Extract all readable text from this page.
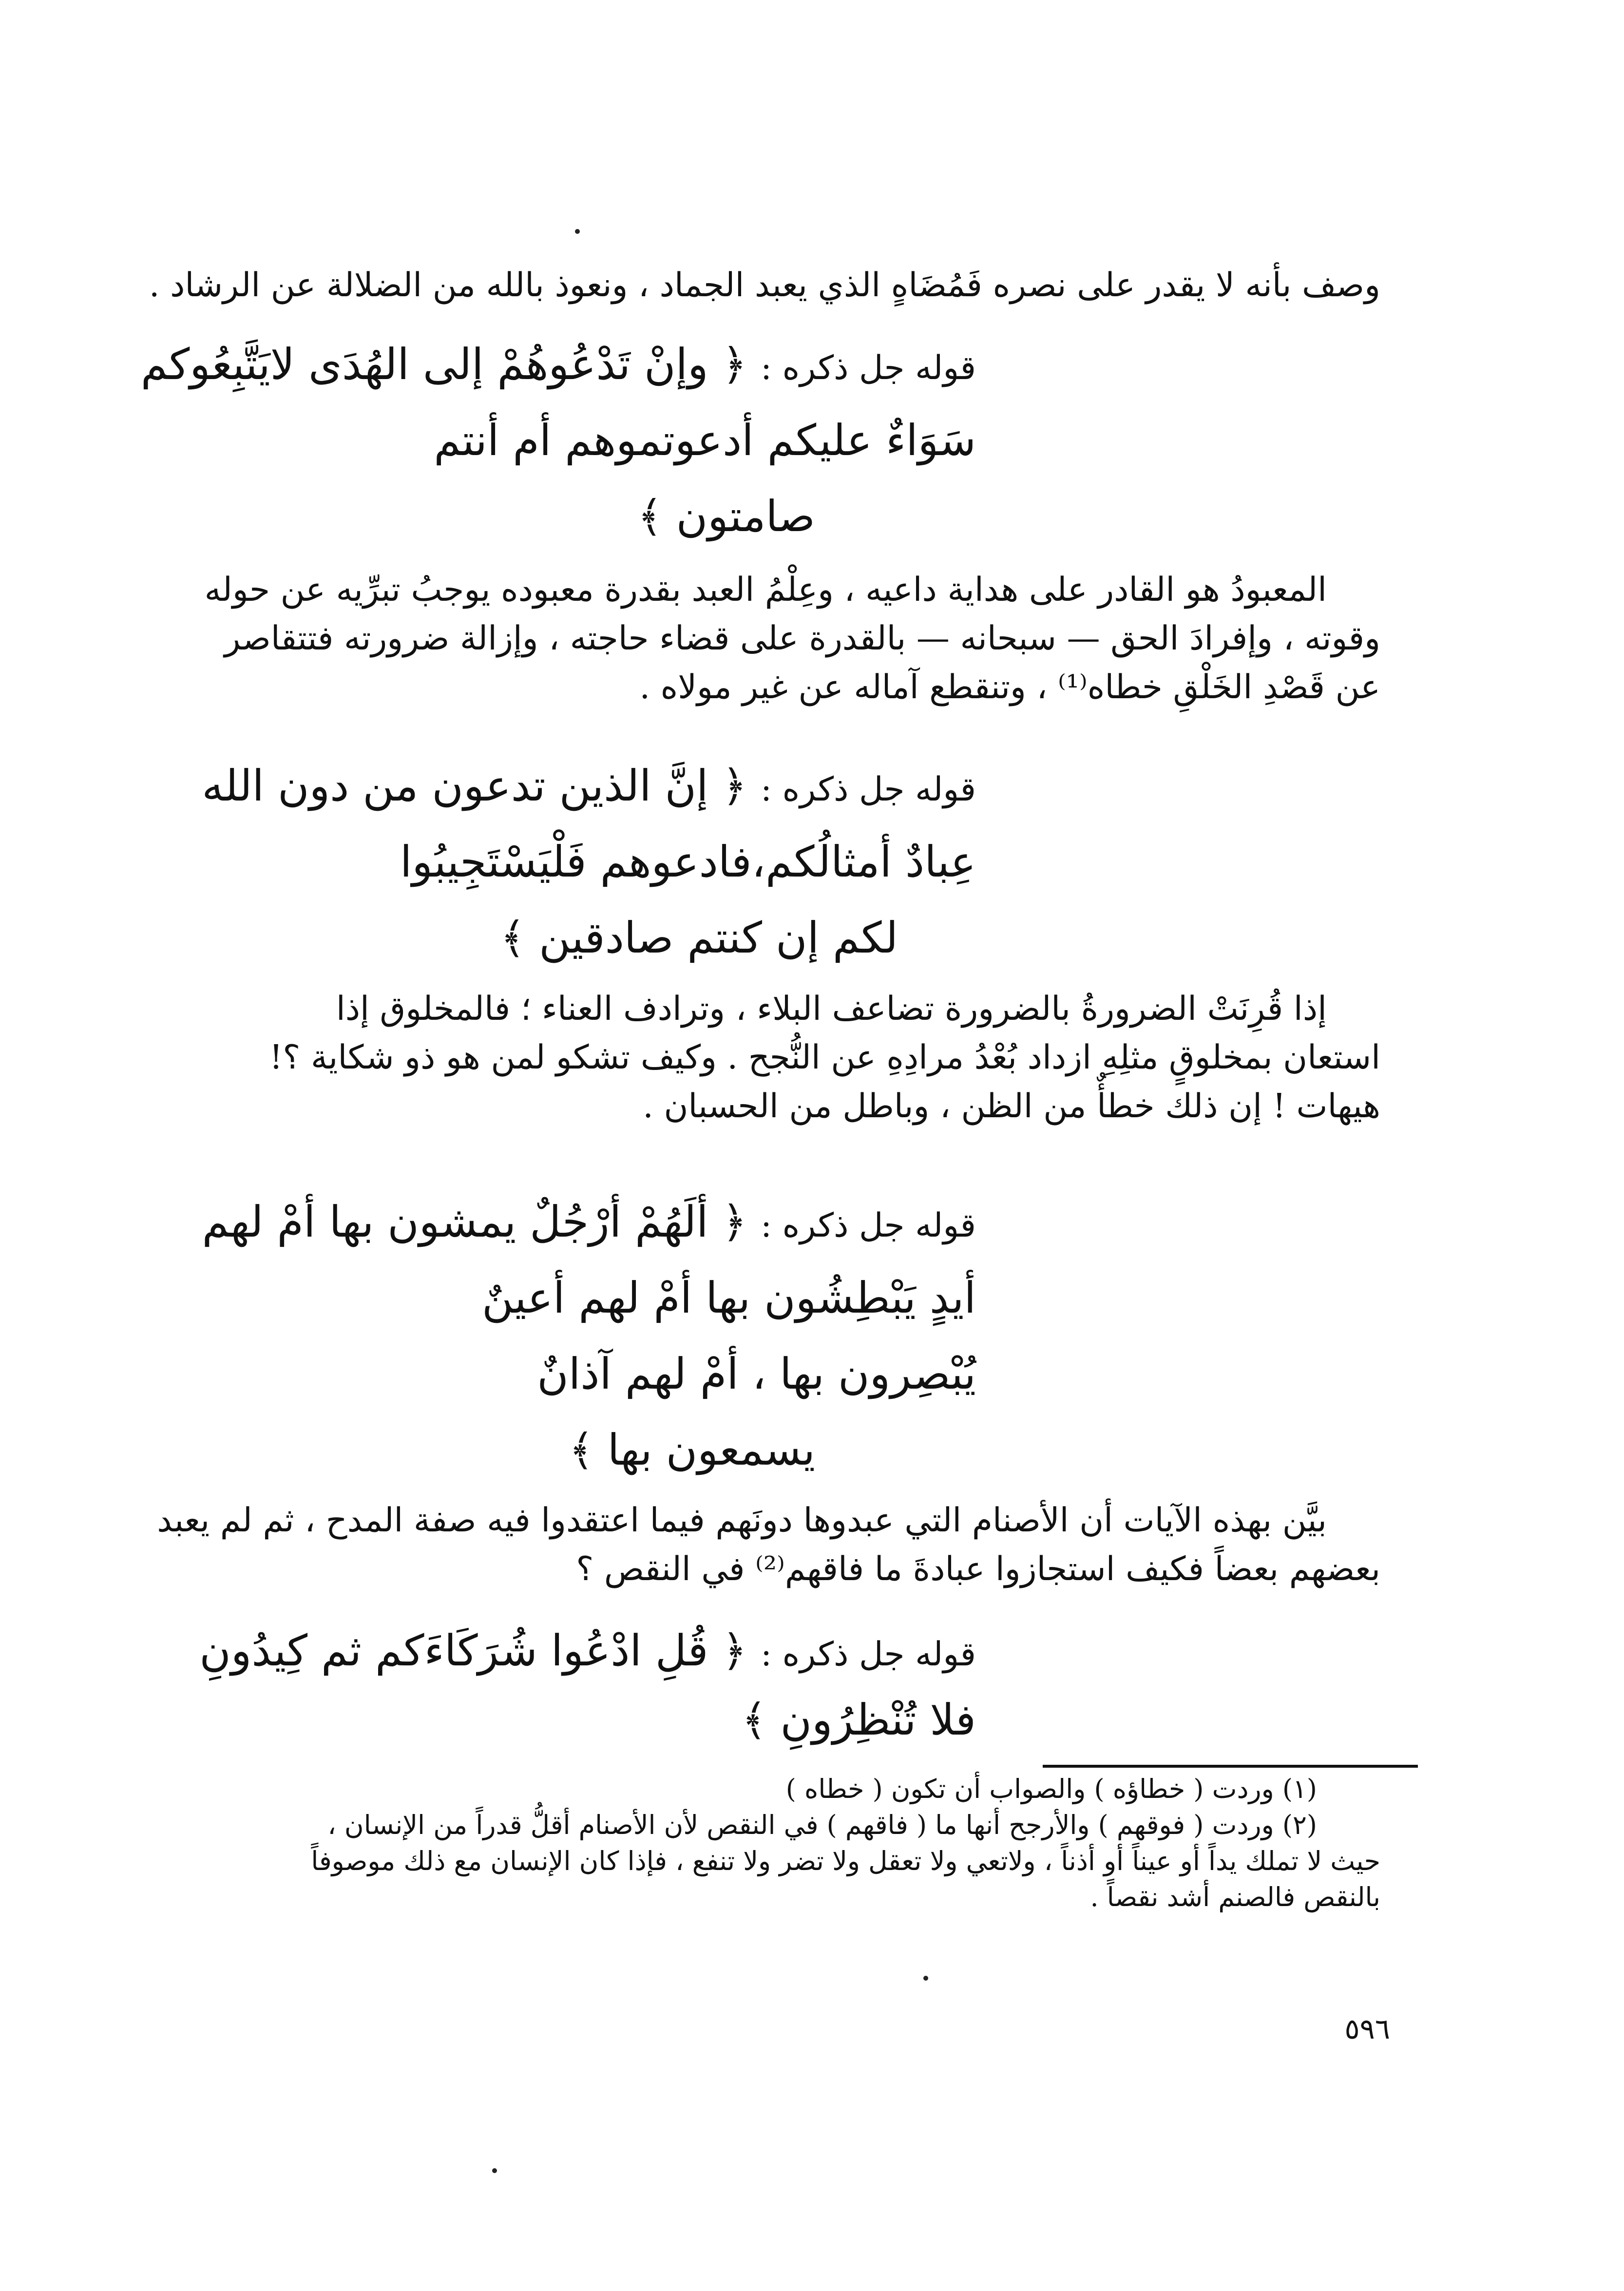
وصف بأنه لا يقدر على نصره فَمُضَاهٍ الذي يعبد الجماد ، ونعوذ بالله من الضلالة عن الرشاد .
قوله جل ذكره : ﴿ وإنْ تَدْعُوهُمْ إلى الهُدَى لايَتَّبِعُوكم
سَوَاءٌ عليكم أدعوتموهم أم أنتم
صامتون ﴾
المعبودُ هو القادر على هداية داعيه ، وعِلْمُ العبد بقدرة معبوده يوجبُ تبرِّيه عن حوله
وقوته ، وإفرادَ الحق — سبحانه — بالقدرة على قضاء حاجته ، وإزالة ضرورته فتتقاصر
عن قَصْدِ الخَلْقِ خطاه⁽¹⁾ ، وتنقطع آماله عن غير مولاه .
قوله جل ذكره : ﴿ إنَّ الذين تدعون من دون الله
عِبادٌ أمثالُكم،فادعوهم فَلْيَسْتَجِيبُوا
لكم إن كنتم صادقين ﴾
إذا قُرِنَتْ الضرورةُ بالضرورة تضاعف البلاء ، وترادف العناء ؛ فالمخلوق إذا
استعان بمخلوقٍ مثلِهِ ازداد بُعْدُ مرادِهِ عن النُّجح . وكيف تشكو لمن هو ذو شكاية ؟!
هيهات ! إن ذلك خطأٌ من الظن ، وباطل من الحسبان .
قوله جل ذكره : ﴿ ألَهُمْ أرْجُلٌ يمشون بها أمْ لهم
أيدٍ يَبْطِشُون بها أمْ لهم أعينٌ
يُبْصِرون بها ، أمْ لهم آذانٌ
يسمعون بها ﴾
بيَّن بهذه الآيات أن الأصنام التي عبدوها دونَهم فيما اعتقدوا فيه صفة المدح ، ثم لم يعبد
بعضهم بعضاً فكيف استجازوا عبادةَ ما فاقهم⁽²⁾ في النقص ؟
قوله جل ذكره : ﴿ قُلِ ادْعُوا شُرَكَاءَكم ثم كِيدُونِ
فلا تُنْظِرُونِ ﴾
(١) وردت ( خطاؤه ) والصواب أن تكون ( خطاه )
(٢) وردت ( فوقهم ) والأرجح أنها ما ( فاقهم ) في النقص لأن الأصنام أقلُّ قدراً من الإنسان ،
حيث لا تملك يداً أو عيناً أو أذناً ، ولاتعي ولا تعقل ولا تضر ولا تنفع ، فإذا كان الإنسان مع ذلك موصوفاً
بالنقص فالصنم أشد نقصاً .
٥٩٦
